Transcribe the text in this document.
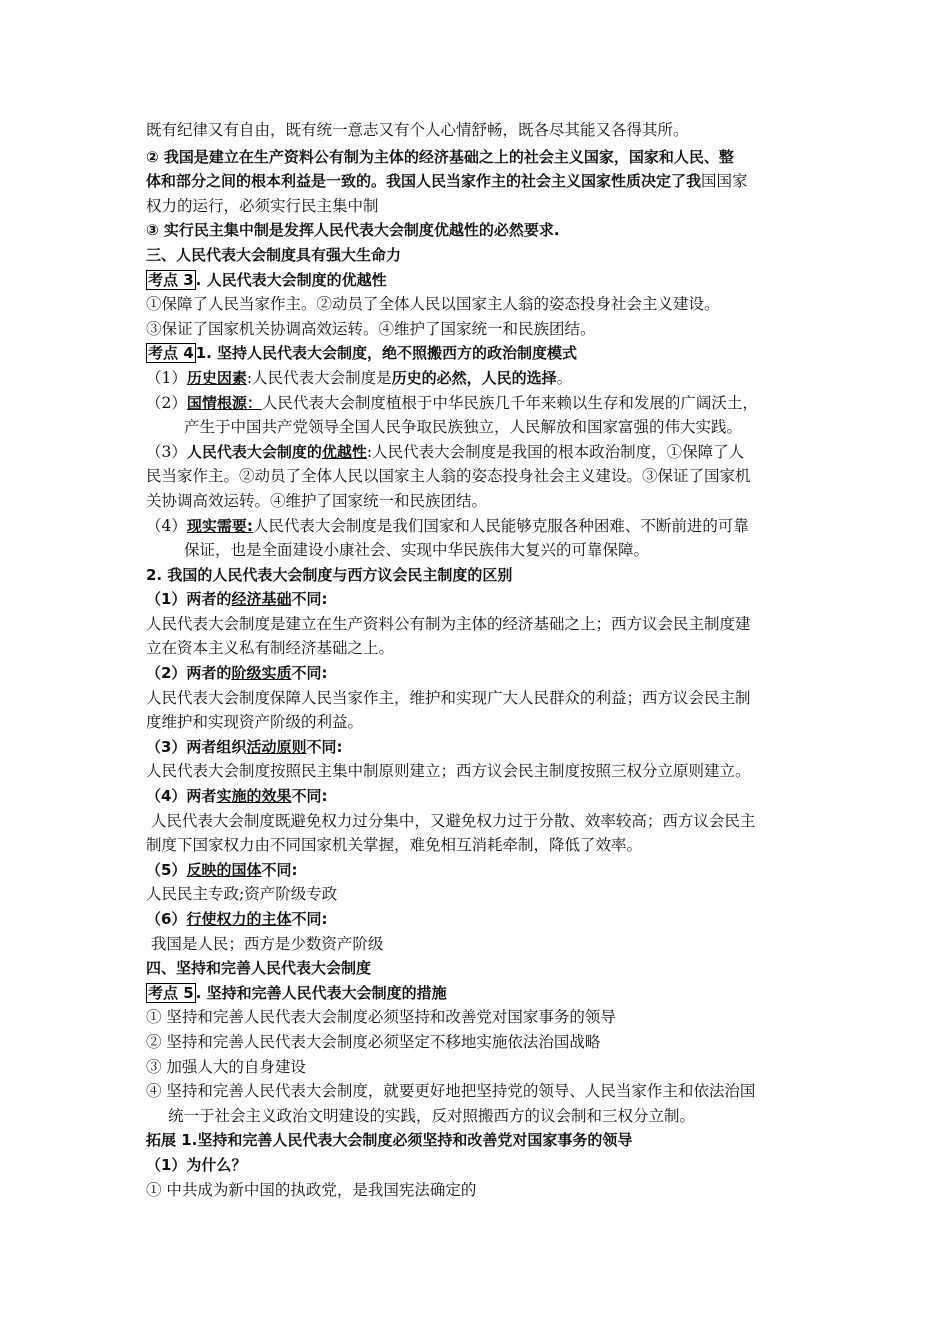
既有纪律又有自由，既有统一意志又有个人心情舒畅，既各尽其能又各得其所。
② 我国是建立在生产资料公有制为主体的经济基础之上的社会主义国家，国家和人民、整
体和部分之间的根本利益是一致的。我国人民当家作主的社会主义国家性质决定了我国国家
权力的运行，必须实行民主集中制
③ 实行民主集中制是发挥人民代表大会制度优越性的必然要求.
三、人民代表大会制度具有强大生命力
考点 3 . 人民代表大会制度的优越性
①保障了人民当家作主。②动员了全体人民以国家主人翁的姿态投身社会主义建设。
③保证了国家机关协调高效运转。④维护了国家统一和民族团结。
考点 4 1. 坚持人民代表大会制度，绝不照搬西方的政治制度模式
（1）历史因素:人民代表大会制度是历史的必然，人民的选择。
（2）国情根源：人民代表大会制度植根于中华民族几千年来赖以生存和发展的广阔沃土，
产生于中国共产党领导全国人民争取民族独立，人民解放和国家富强的伟大实践。
（3）人民代表大会制度的优越性:人民代表大会制度是我国的根本政治制度，①保障了人
民当家作主。②动员了全体人民以国家主人翁的姿态投身社会主义建设。③保证了国家机
关协调高效运转。④维护了国家统一和民族团结。
（4）现实需要:人民代表大会制度是我们国家和人民能够克服各种困难、不断前进的可靠
保证，也是全面建设小康社会、实现中华民族伟大复兴的可靠保障。
2. 我国的人民代表大会制度与西方议会民主制度的区别
（1）两者的经济基础不同:
人民代表大会制度是建立在生产资料公有制为主体的经济基础之上；西方议会民主制度建
立在资本主义私有制经济基础之上。
（2）两者的阶级实质不同:
人民代表大会制度保障人民当家作主，维护和实现广大人民群众的利益；西方议会民主制
度维护和实现资产阶级的利益。
（3）两者组织活动原则不同:
人民代表大会制度按照民主集中制原则建立；西方议会民主制度按照三权分立原则建立。
（4）两者实施的效果不同:
人民代表大会制度既避免权力过分集中，又避免权力过于分散、效率较高；西方议会民主
制度下国家权力由不同国家机关掌握，难免相互消耗牵制，降低了效率。
（5）反映的国体不同:
人民民主专政;资产阶级专政
（6）行使权力的主体不同:
我国是人民；西方是少数资产阶级
四、坚持和完善人民代表大会制度
考点 5 . 坚持和完善人民代表大会制度的措施
① 坚持和完善人民代表大会制度必须坚持和改善党对国家事务的领导
② 坚持和完善人民代表大会制度必须坚定不移地实施依法治国战略
③ 加强人大的自身建设
④ 坚持和完善人民代表大会制度，就要更好地把坚持党的领导、人民当家作主和依法治国
统一于社会主义政治文明建设的实践，反对照搬西方的议会制和三权分立制。
拓展 1.坚持和完善人民代表大会制度必须坚持和改善党对国家事务的领导
（1）为什么？
① 中共成为新中国的执政党，是我国宪法确定的
